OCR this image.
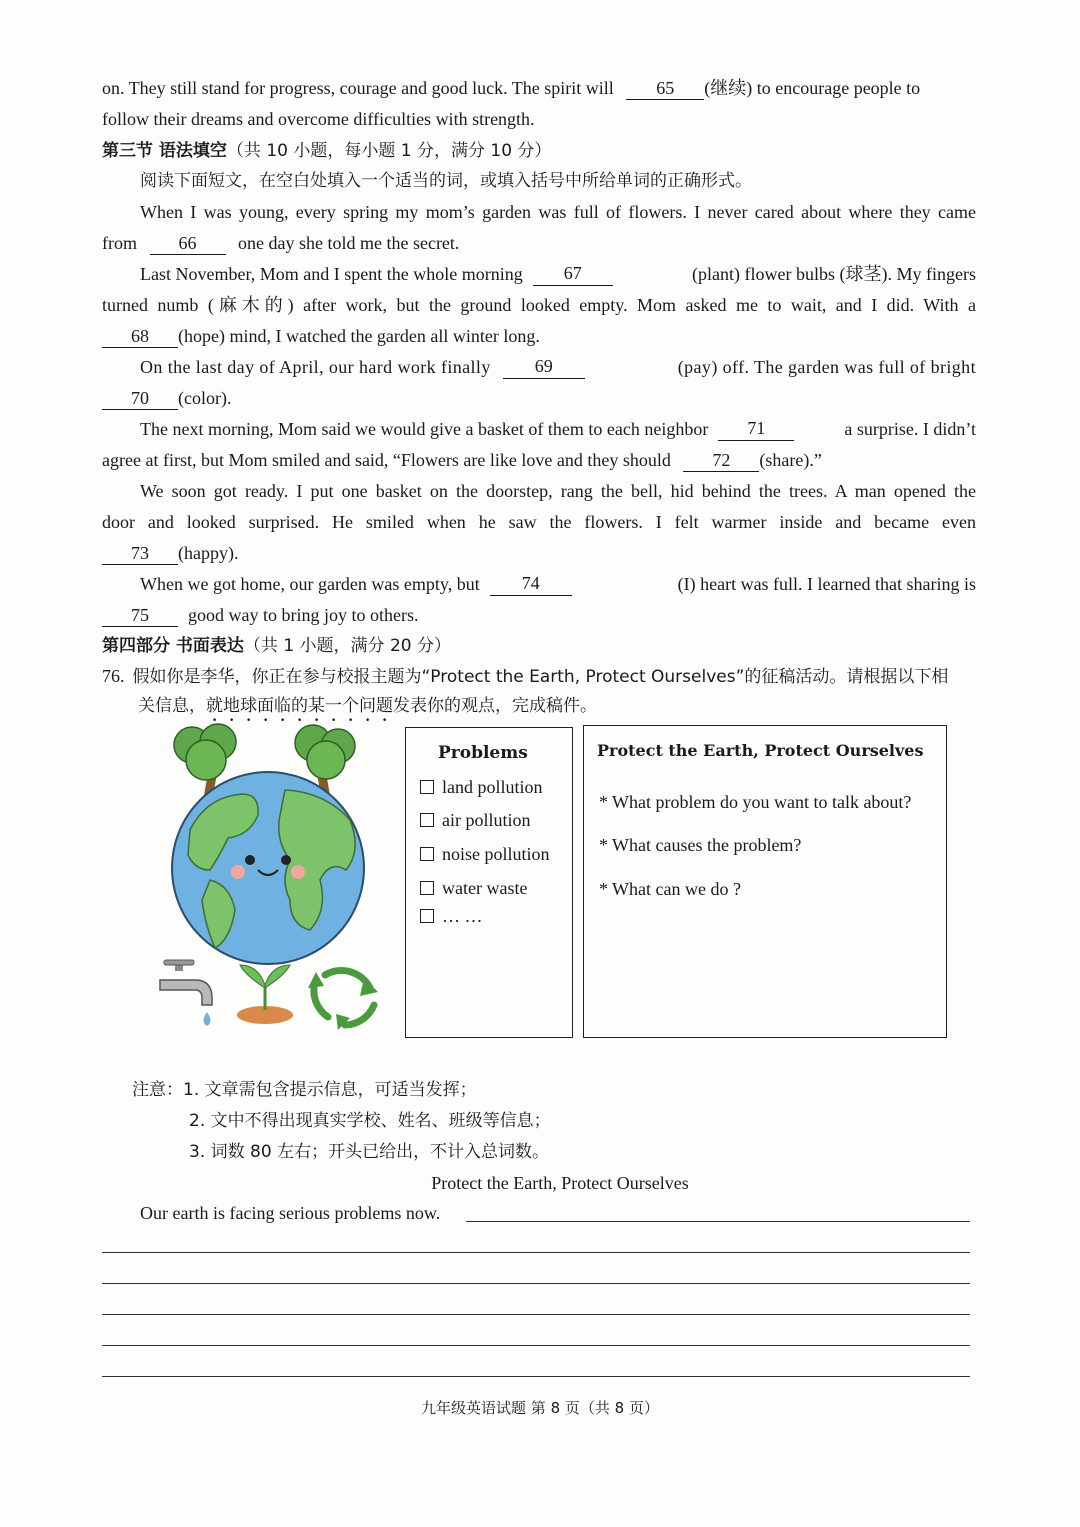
on. They still stand for progress, courage and good luck. The spirit will 65 (继续) to encourage people to
follow their dreams and overcome difficulties with strength.
第三节 语法填空（共 10 小题，每小题 1 分，满分 10 分）
阅读下面短文，在空白处填入一个适当的词，或填入括号中所给单词的正确形式。
When I was young, every spring my mom’s garden was full of flowers. I never cared about where they came
from 66 one day she told me the secret.
Last November, Mom and I spent the whole morning	67	(plant) flower bulbs (球茎). My fingers
turned numb (麻木的) after work, but the ground looked empty. Mom asked me to wait, and I did. With a
68 (hope) mind, I watched the garden all winter long.
On the last day of April, our hard work finally	69	(pay) off. The garden was full of bright
70 (color).
The next morning, Mom said we would give a basket of them to each neighbor	71	a surprise. I didn’t
agree at first, but Mom smiled and said, “Flowers are like love and they should 72 (share).”
We soon got ready. I put one basket on the doorstep, rang the bell, hid behind the trees. A man opened the
door and looked surprised. He smiled when he saw the flowers. I felt warmer inside and became even
73 (happy).
When we got home, our garden was empty, but	74	(I) heart was full. I learned that sharing is
75 good way to bring joy to others.
第四部分 书面表达（共 1 小题，满分 20 分）
76. 假如你是李华，你正在参与校报主题为“Protect the Earth, Protect Ourselves”的征稿活动。请根据以下相
关信息，就地球面临的某一个问题发表你的观点，完成稿件。
Problems
land pollution
air pollution
noise pollution
water waste
… …
Protect the Earth, Protect Ourselves
* What problem do you want to talk about?
* What causes the problem?
* What can we do ?
注意：1. 文章需包含提示信息，可适当发挥；
2. 文中不得出现真实学校、姓名、班级等信息；
3. 词数 80 左右；开头已给出，不计入总词数。
Protect the Earth, Protect Ourselves
Our earth is facing serious problems now.
九年级英语试题 第 8 页（共 8 页）
